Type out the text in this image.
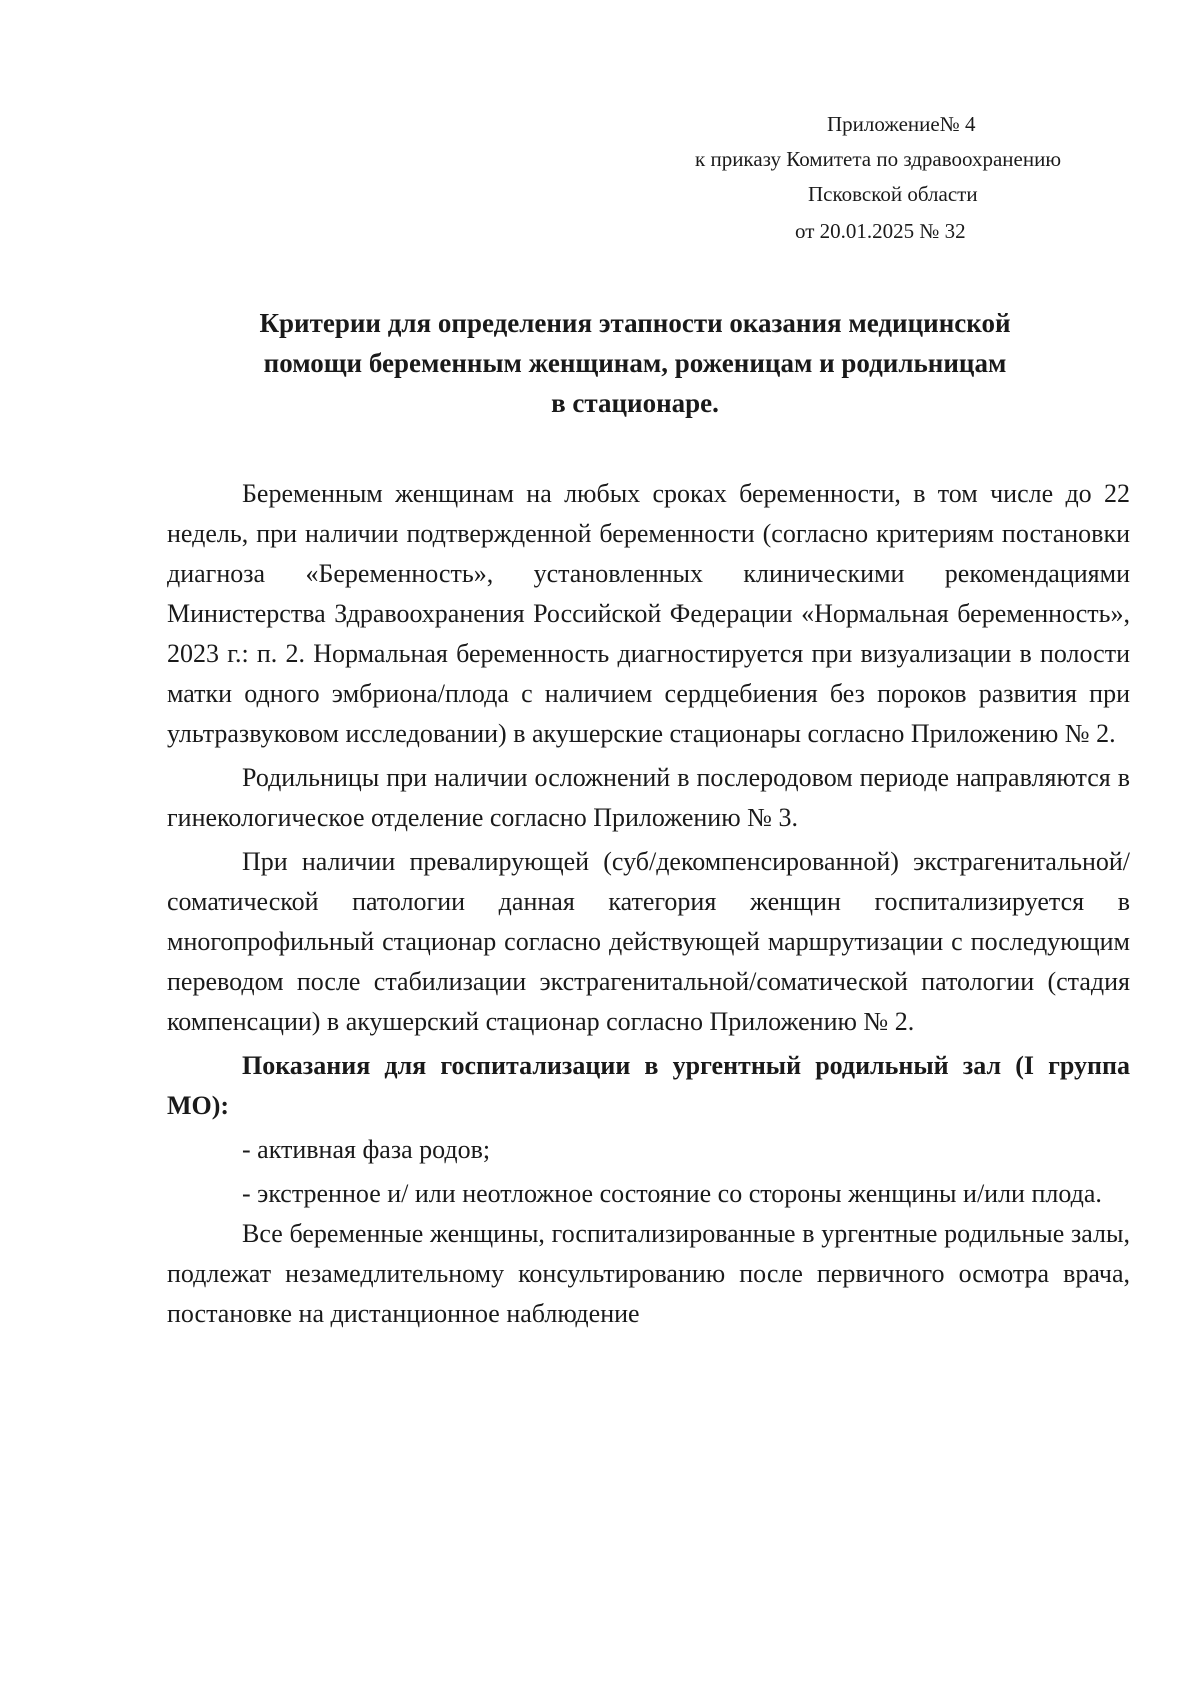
Приложение№ 4
к приказу Комитета по здравоохранению
Псковской области
от 20.01.2025 № 32
Критерии для определения этапности оказания медицинской
помощи беременным женщинам, роженицам и родильницам
в стационаре.

Беременным женщинам на любых сроках беременности, в том числе до 22 недель, при наличии подтвержденной беременности (согласно критериям постановки диагноза «Беременность», установленных клиническими рекомендациями Министерства Здравоохранения Российской Федерации «Нормальная беременность», 2023 г.: п. 2. Нормальная беременность диагностируется при визуализации в полости матки одного эмбриона/плода с наличием сердцебиения без пороков развития при ультразвуковом исследовании) в акушерские стационары согласно Приложению № 2.

Родильницы при наличии осложнений в послеродовом периоде направляются в гинекологическое отделение согласно Приложению № 3.

При наличии превалирующей (суб/декомпенсированной) экстрагенитальной/соматической патологии данная категория женщин госпитализируется в многопрофильный стационар согласно действующей маршрутизации с последующим переводом после стабилизации экстрагенитальной/соматической патологии (стадия компенсации) в акушерский стационар согласно Приложению № 2.

Показания для госпитализации в ургентный родильный зал (I группа МО):

- активная фаза родов;

- экстренное и/ или неотложное состояние со стороны женщины и/или плода.

Все беременные женщины, госпитализированные в ургентные родильные залы, подлежат незамедлительному консультированию после первичного осмотра врача, постановке на дистанционное наблюдение
